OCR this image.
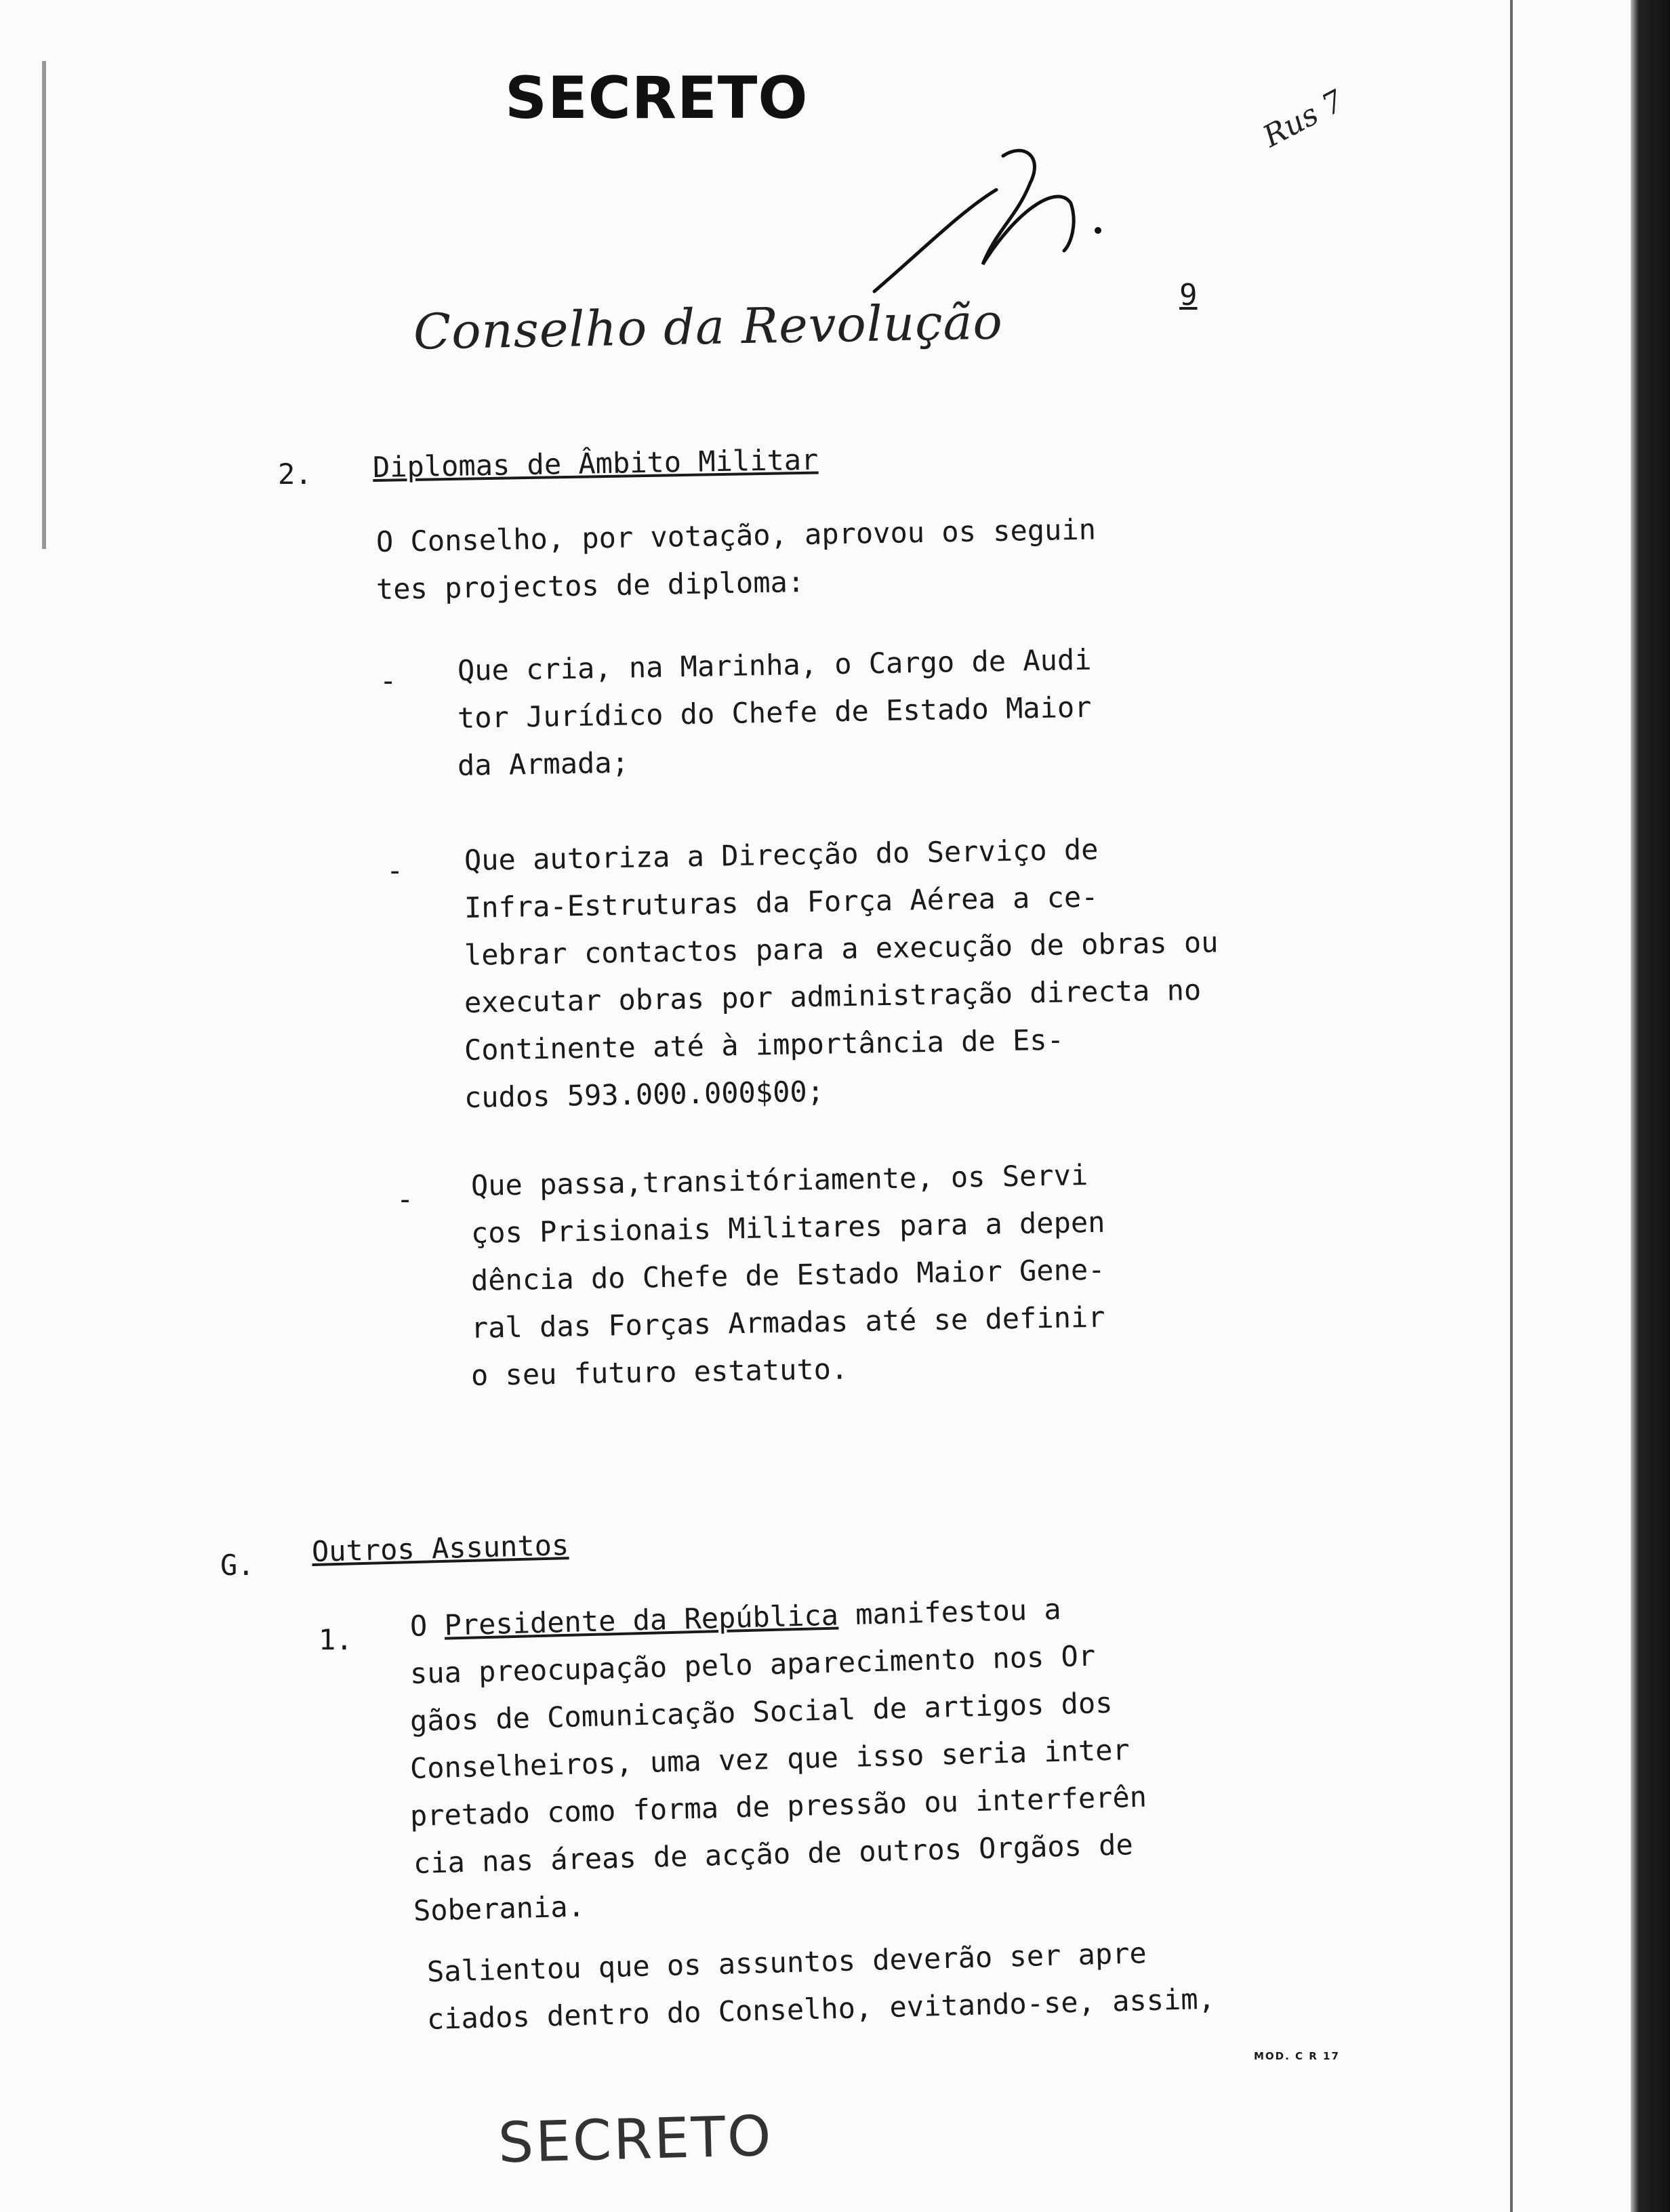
SECRETO	Rus 7
Conselho da Revolução	9
2. Diplomas de Âmbito Militar
O Conselho, por votação, aprovou os seguin
tes projectos de diploma:
- Que cria, na Marinha, o Cargo de Audi
tor Jurídico do Chefe de Estado Maior
da Armada;
- Que autoriza a Direcção do Serviço de
Infra-Estruturas da Força Aérea a ce-
lebrar contactos para a execução de obras ou
executar obras por administração directa no
Continente até à importância de Es-
cudos 593.000.000$00;
- Que passa,transitóriamente, os Servi
ços Prisionais Militares para a depen
dência do Chefe de Estado Maior Gene-
ral das Forças Armadas até se definir
o seu futuro estatuto.
G. Outros Assuntos
1. O Presidente da República manifestou a
sua preocupação pelo aparecimento nos Or
gãos de Comunicação Social de artigos dos
Conselheiros, uma vez que isso seria inter
pretado como forma de pressão ou interferên
cia nas áreas de acção de outros Orgãos de
Soberania.
Salientou que os assuntos deverão ser apre
ciados dentro do Conselho, evitando-se, assim,
MOD. C R 17
SECRETO
